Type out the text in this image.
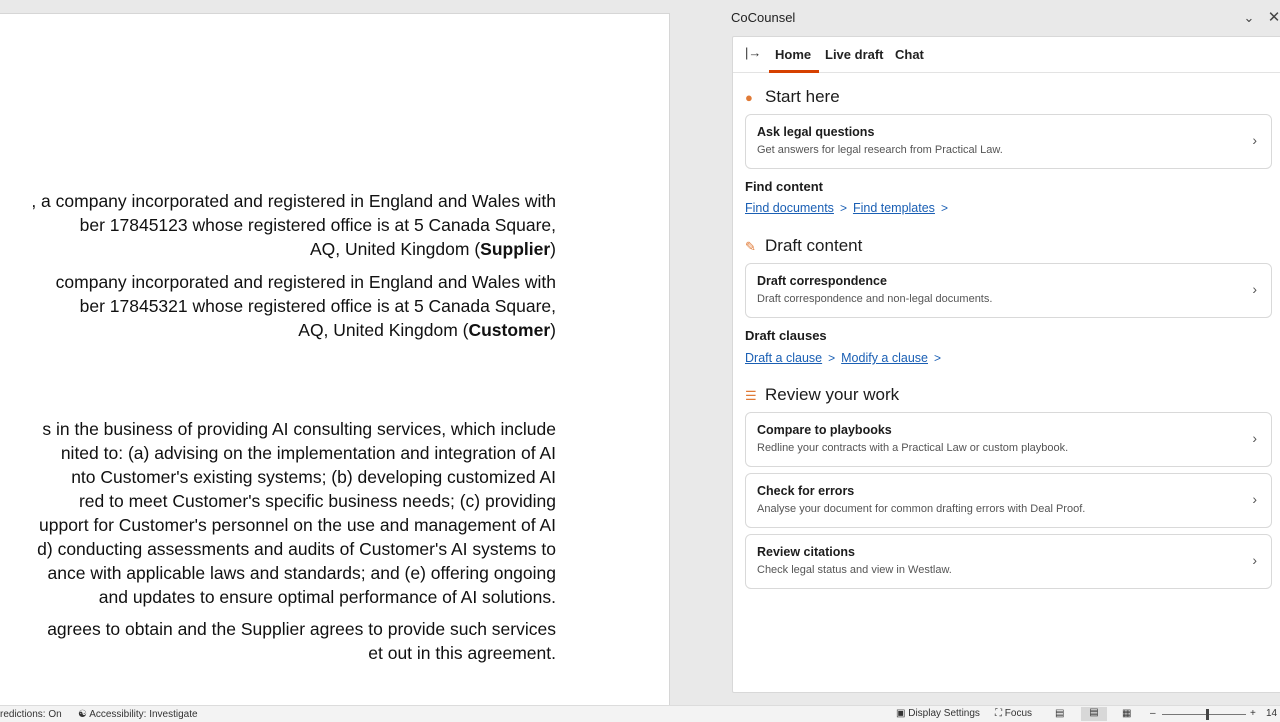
, a company incorporated and registered in England and Wales with
ber 17845123 whose registered office is at 5 Canada Square,
AQ, United Kingdom (Supplier)
company incorporated and registered in England and Wales with
ber 17845321 whose registered office is at 5 Canada Square,
AQ, United Kingdom (Customer)
s in the business of providing AI consulting services, which include
nited to: (a) advising on the implementation and integration of AI
nto Customer's existing systems; (b) developing customized AI
red to meet Customer's specific business needs; (c) providing
upport for Customer's personnel on the use and management of AI
d) conducting assessments and audits of Customer's AI systems to
ance with applicable laws and standards; and (e) offering ongoing
and updates to ensure optimal performance of AI solutions.
agrees to obtain and the Supplier agrees to provide such services
et out in this agreement.
CoCounsel	⌄ ✕
|→ Home Live draft Chat
● Start here
Ask legal questions
Get answers for legal research from Practical Law.
›
Find content
Find documents > Find templates >
✎ Draft content
Draft correspondence
Draft correspondence and non-legal documents.
›
Draft clauses
Draft a clause > Modify a clause >
☰ Review your work
Compare to playbooks
Redline your contracts with a Practical Law or custom playbook.
›
Check for errors
Analyse your document for common drafting errors with Deal Proof.
›
Review citations
Check legal status and view in Westlaw.
›
redictions: On ☯ Accessibility: Investigate	▣ Display Settings ⛶ Focus ▤	▤	▦ –	+ 14
